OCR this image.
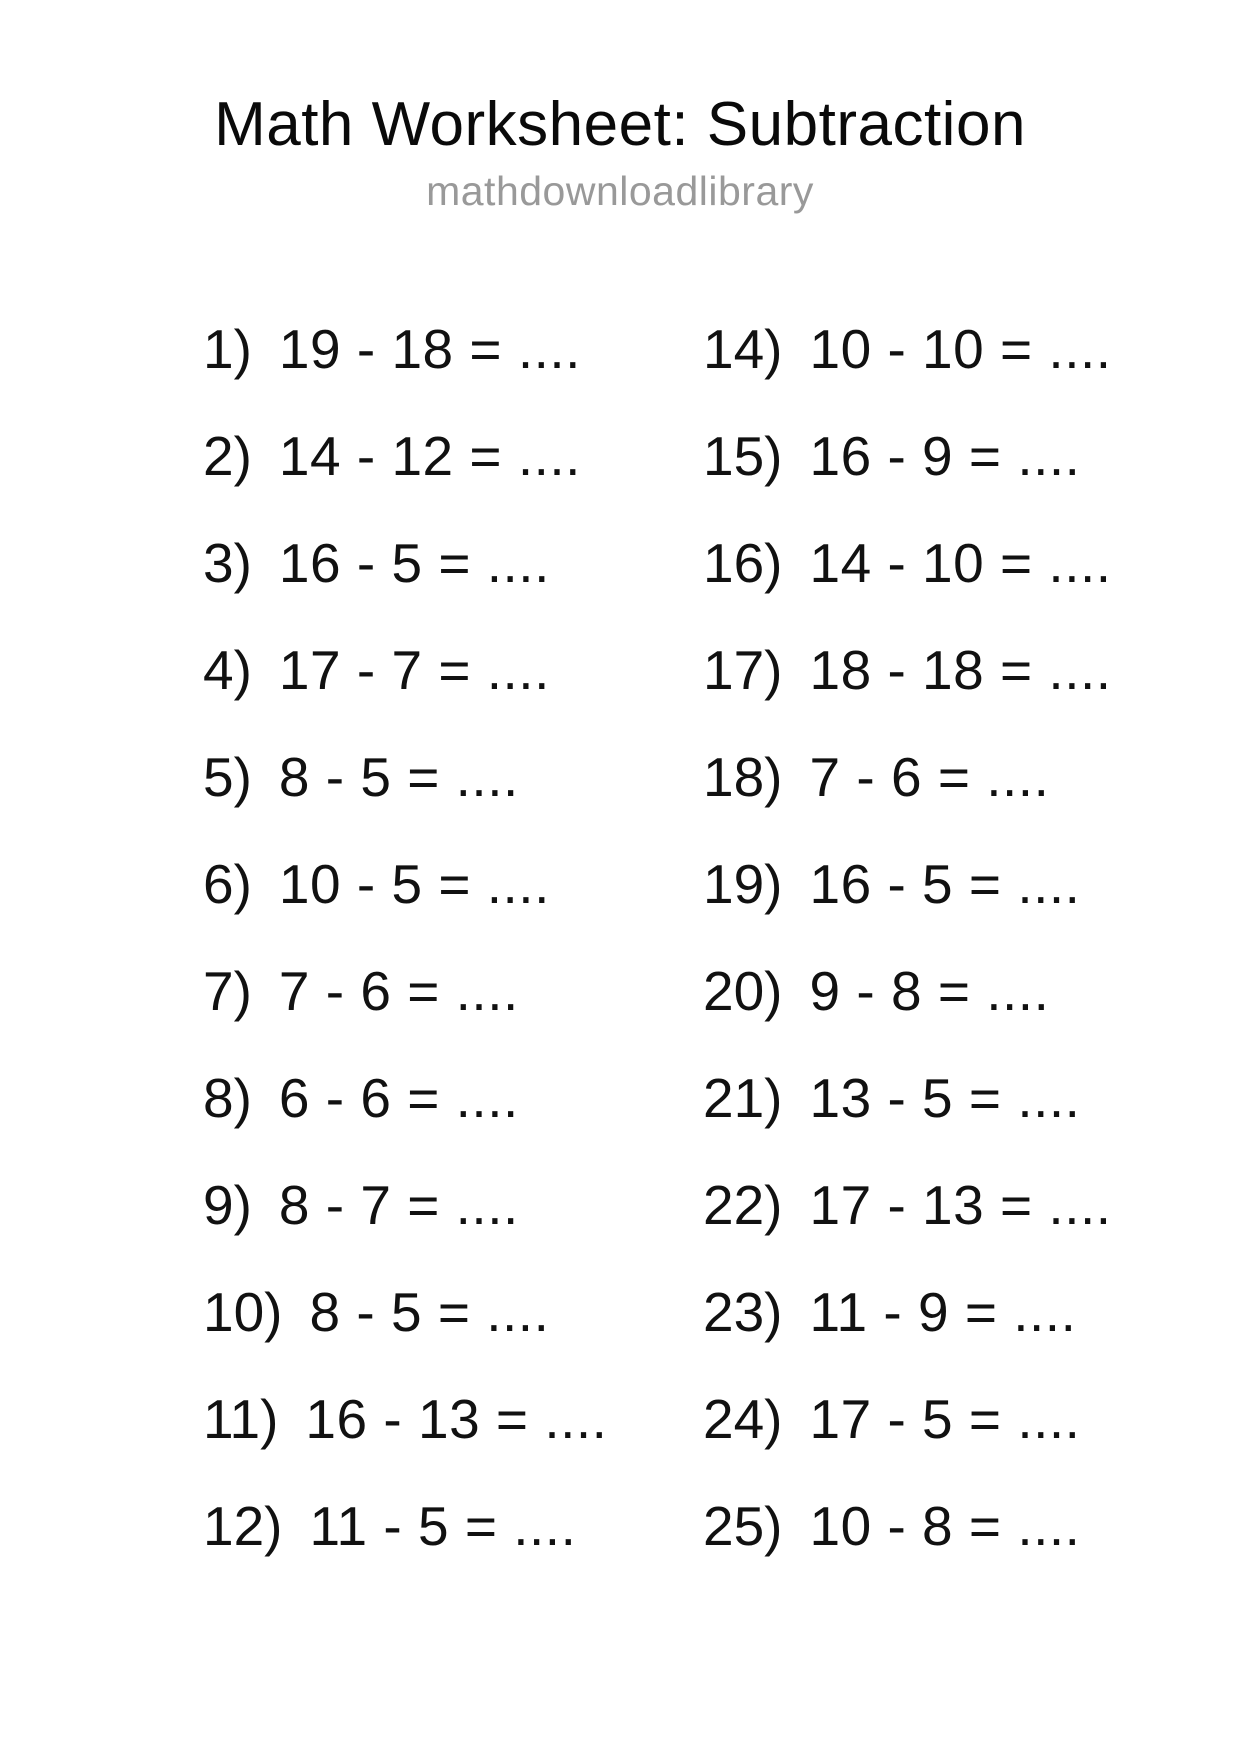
Math Worksheet: Subtraction
mathdownloadlibrary
1) 19 - 18 = ....
2) 14 - 12 = ....
3) 16 - 5 = ....
4) 17 - 7 = ....
5) 8 - 5 = ....
6) 10 - 5 = ....
7) 7 - 6 = ....
8) 6 - 6 = ....
9) 8 - 7 = ....
10) 8 - 5 = ....
11) 16 - 13 = ....
12) 11 - 5 = ....
14) 10 - 10 = ....
15) 16 - 9 = ....
16) 14 - 10 = ....
17) 18 - 18 = ....
18) 7 - 6 = ....
19) 16 - 5 = ....
20) 9 - 8 = ....
21) 13 - 5 = ....
22) 17 - 13 = ....
23) 11 - 9 = ....
24) 17 - 5 = ....
25) 10 - 8 = ....
